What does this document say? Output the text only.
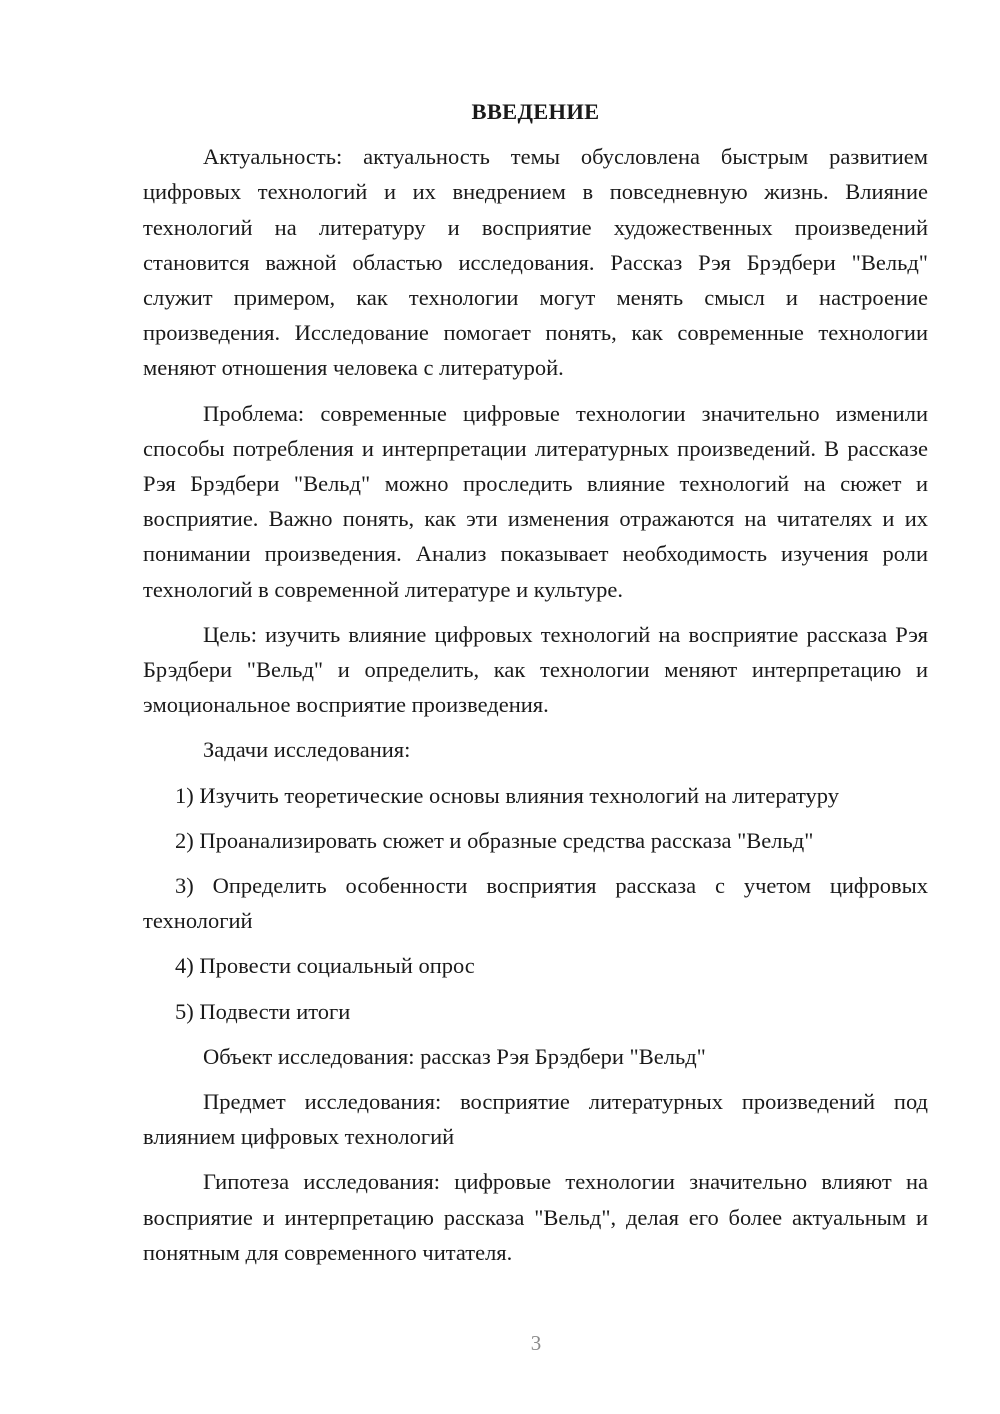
ВВЕДЕНИЕ

Актуальность: актуальность темы обусловлена быстрым развитием цифровых технологий и их внедрением в повседневную жизнь. Влияние технологий на литературу и восприятие художественных произведений становится важной областью исследования. Рассказ Рэя Брэдбери "Вельд" служит примером, как технологии могут менять смысл и настроение произведения. Исследование помогает понять, как современные технологии меняют отношения человека с литературой.

Проблема: современные цифровые технологии значительно изменили способы потребления и интерпретации литературных произведений. В рассказе Рэя Брэдбери "Вельд" можно проследить влияние технологий на сюжет и восприятие. Важно понять, как эти изменения отражаются на читателях и их понимании произведения. Анализ показывает необходимость изучения роли технологий в современной литературе и культуре.

Цель: изучить влияние цифровых технологий на восприятие рассказа Рэя Брэдбери "Вельд" и определить, как технологии меняют интерпретацию и эмоциональное восприятие произведения.

Задачи исследования:

1) Изучить теоретические основы влияния технологий на литературу

2) Проанализировать сюжет и образные средства рассказа "Вельд"

3) Определить особенности восприятия рассказа с учетом цифровых технологий

4) Провести социальный опрос

5) Подвести итоги

Объект исследования: рассказ Рэя Брэдбери "Вельд"

Предмет исследования: восприятие литературных произведений под влиянием цифровых технологий

Гипотеза исследования: цифровые технологии значительно влияют на восприятие и интерпретацию рассказа "Вельд", делая его более актуальным и понятным для современного читателя.

3
